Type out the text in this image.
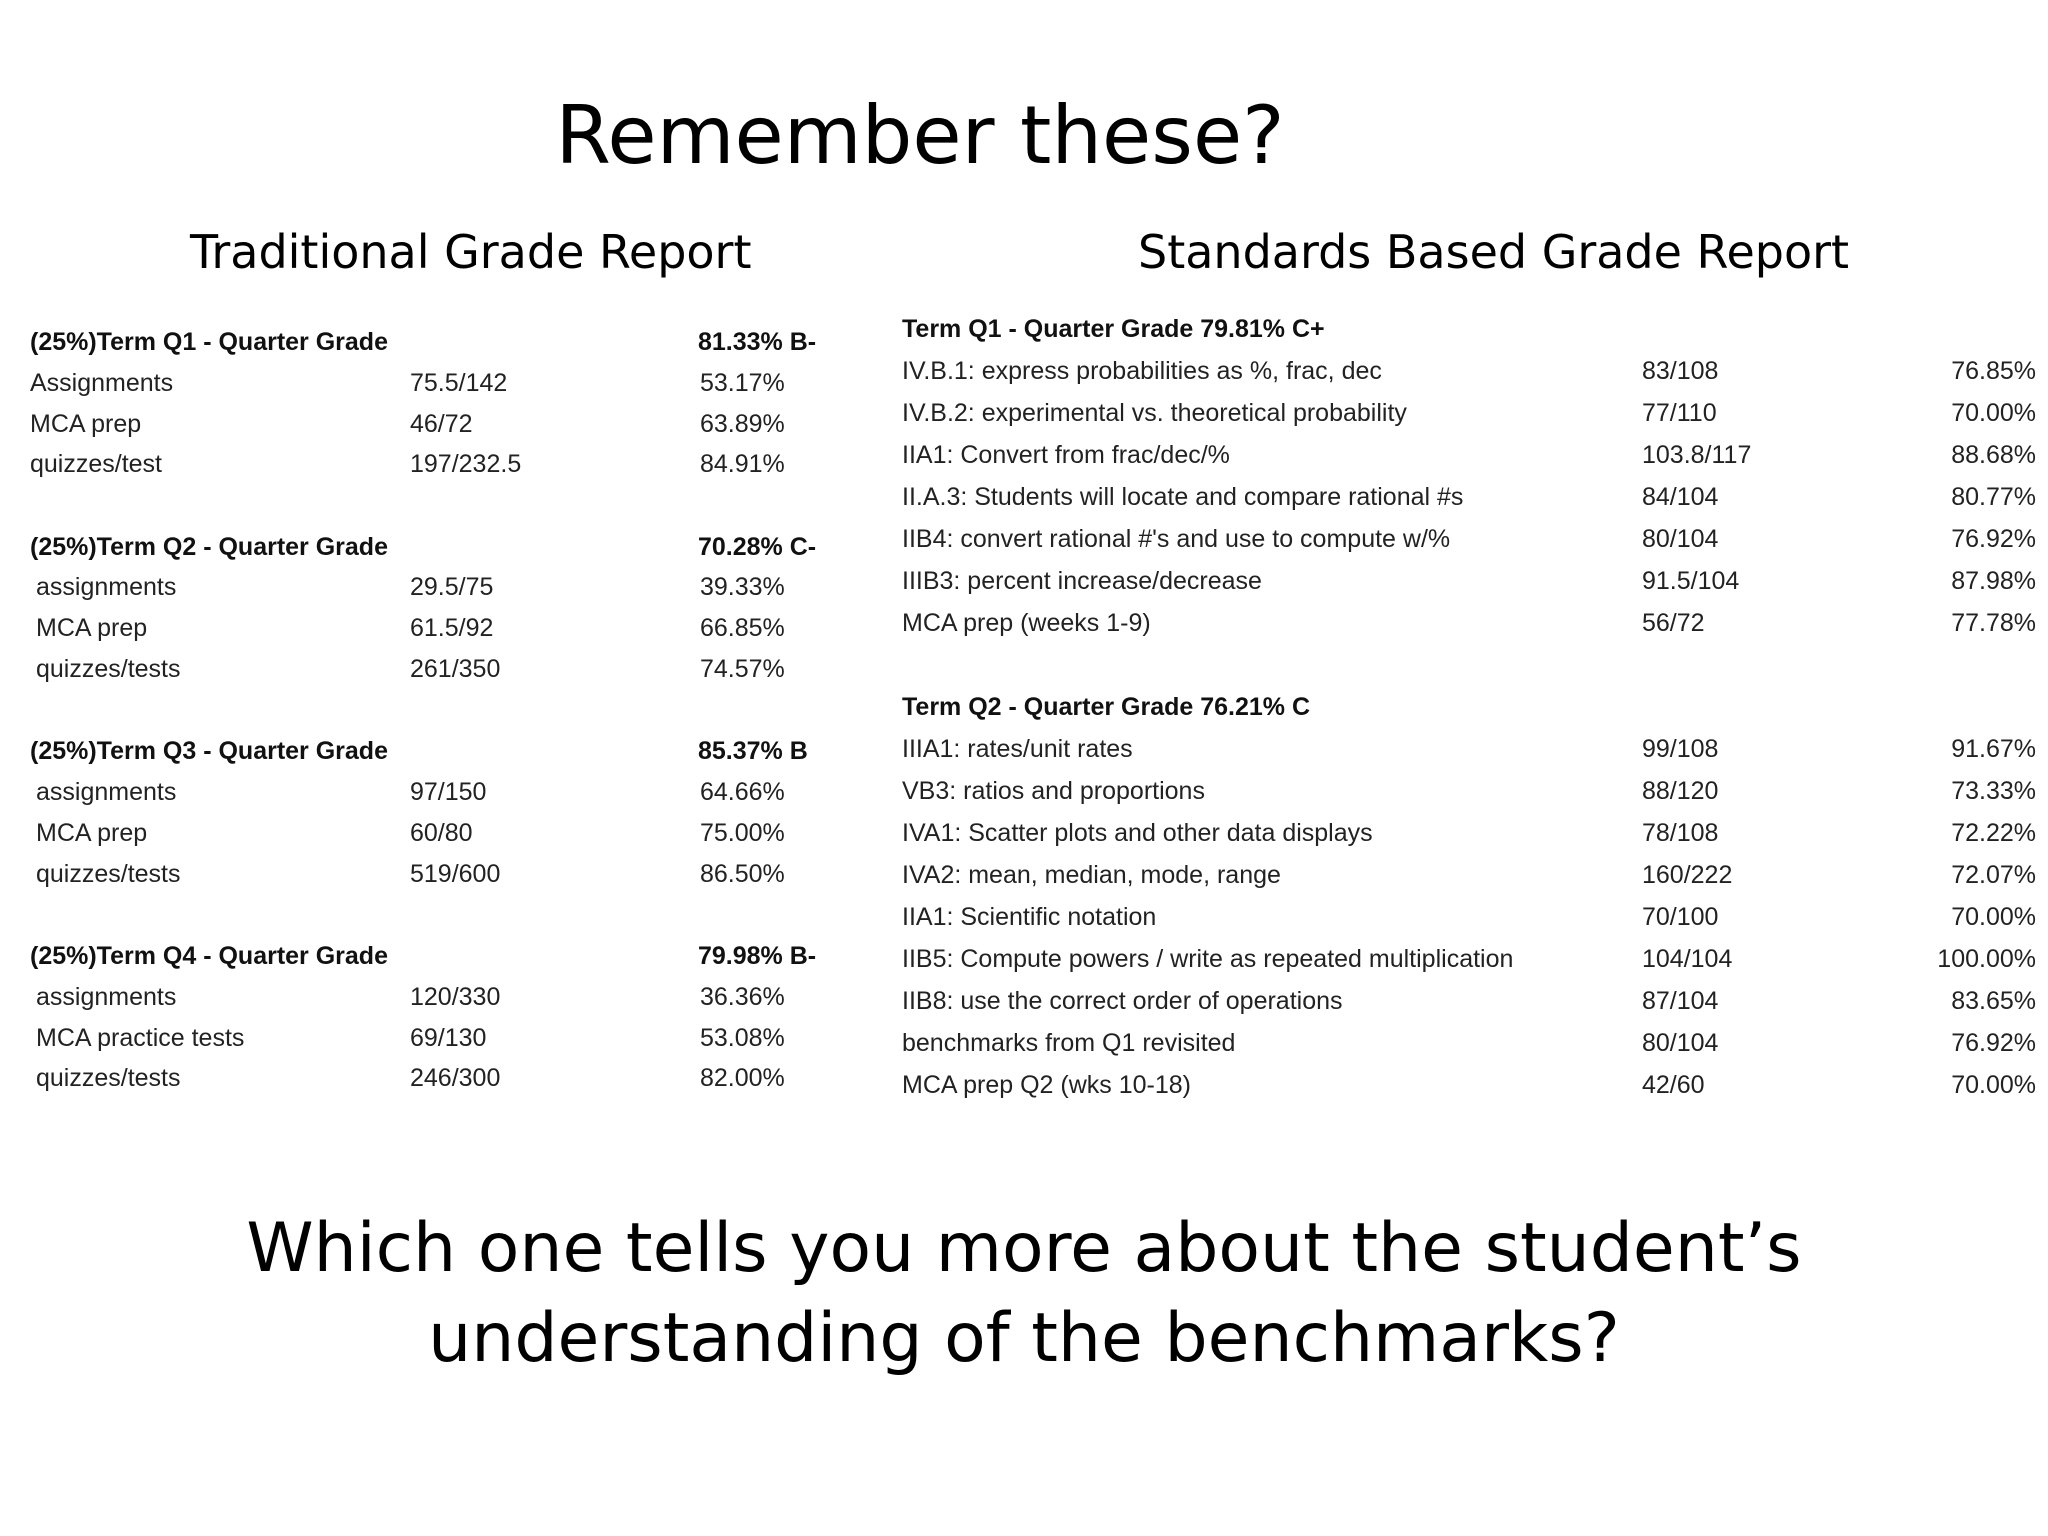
Remember these?
Traditional Grade Report	Standards Based Grade Report
(25%)Term Q1 - Quarter Grade	81.33% B-
Assignments	75.5/142	53.17%
MCA prep	46/72	63.89%
quizzes/test	197/232.5	84.91%
(25%)Term Q2 - Quarter Grade	70.28% C-
assignments	29.5/75	39.33%
MCA prep	61.5/92	66.85%
quizzes/tests	261/350	74.57%
(25%)Term Q3 - Quarter Grade	85.37% B
assignments	97/150	64.66%
MCA prep	60/80	75.00%
quizzes/tests	519/600	86.50%
(25%)Term Q4 - Quarter Grade	79.98% B-
assignments	120/330	36.36%
MCA practice tests	69/130	53.08%
quizzes/tests	246/300	82.00%
Term Q1 - Quarter Grade 79.81% C+
IV.B.1: express probabilities as %, frac, dec	83/108	76.85%
IV.B.2: experimental vs. theoretical probability	77/110	70.00%
IIA1: Convert from frac/dec/%	103.8/117	88.68%
II.A.3: Students will locate and compare rational #s	84/104	80.77%
IIB4: convert rational #'s and use to compute w/%	80/104	76.92%
IIIB3: percent increase/decrease	91.5/104	87.98%
MCA prep (weeks 1-9)	56/72	77.78%
Term Q2 - Quarter Grade 76.21% C
IIIA1: rates/unit rates	99/108	91.67%
VB3: ratios and proportions	88/120	73.33%
IVA1: Scatter plots and other data displays	78/108	72.22%
IVA2: mean, median, mode, range	160/222	72.07%
IIA1: Scientific notation	70/100	70.00%
IIB5: Compute powers / write as repeated multiplication	104/104	100.00%
IIB8: use the correct order of operations	87/104	83.65%
benchmarks from Q1 revisited	80/104	76.92%
MCA prep Q2 (wks 10-18)	42/60	70.00%
Which one tells you more about the student’s understanding of the benchmarks?
